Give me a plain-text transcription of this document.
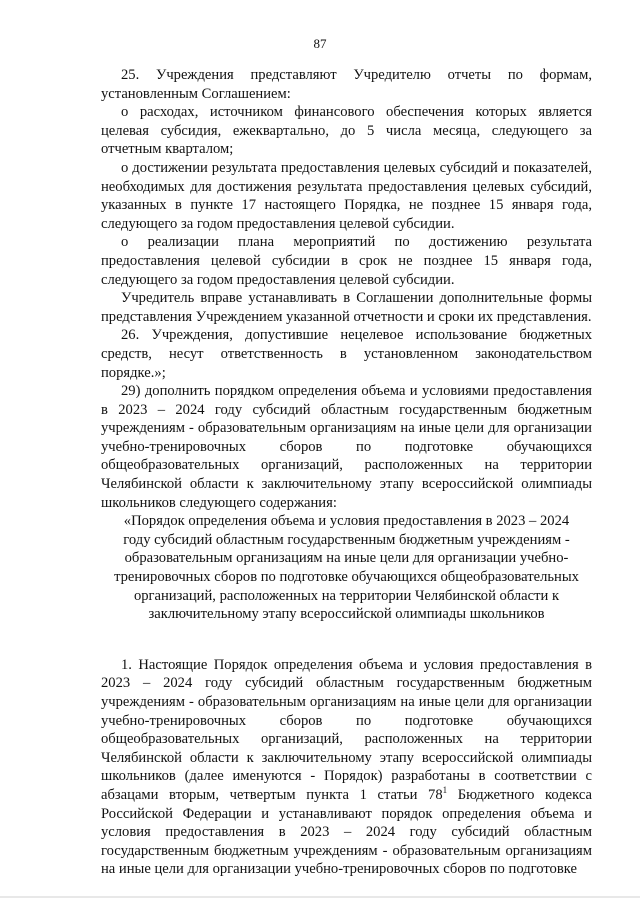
87

25. Учреждения представляют Учредителю отчеты по формам, установленным Соглашением:

о расходах, источником финансового обеспечения которых является целевая субсидия, ежеквартально, до 5 числа месяца, следующего за отчетным кварталом;

о достижении результата предоставления целевых субсидий и показателей, необходимых для достижения результата предоставления целевых субсидий, указанных в пункте 17 настоящего Порядка, не позднее 15 января года, следующего за годом предоставления целевой субсидии.

о реализации плана мероприятий по достижению результата предоставления целевой субсидии в срок не позднее 15 января года, следующего за годом предоставления целевой субсидии.

Учредитель вправе устанавливать в Соглашении дополнительные формы представления Учреждением указанной отчетности и сроки их представления.

26. Учреждения, допустившие нецелевое использование бюджетных средств, несут ответственность в установленном законодательством порядке.»;

29) дополнить порядком определения объема и условиями предоставления в 2023 – 2024 году субсидий областным государственным бюджетным учреждениям - образовательным организациям на иные цели для организации учебно-тренировочных сборов по подготовке обучающихся общеобразовательных организаций, расположенных на территории Челябинской области к заключительному этапу всероссийской олимпиады школьников следующего содержания:

«Порядок определения объема и условия предоставления в 2023 – 2024
году субсидий областным государственным бюджетным учреждениям -
образовательным организациям на иные цели для организации учебно-
тренировочных сборов по подготовке обучающихся общеобразовательных
организаций, расположенных на территории Челябинской области к
заключительному этапу всероссийской олимпиады школьников

1. Настоящие Порядок определения объема и условия предоставления в 2023 – 2024 году субсидий областным государственным бюджетным учреждениям - образовательным организациям на иные цели для организации учебно-тренировочных сборов по подготовке обучающихся общеобразовательных организаций, расположенных на территории Челябинской области к заключительному этапу всероссийской олимпиады школьников (далее именуются - Порядок) разработаны в соответствии с абзацами вторым, четвертым пункта 1 статьи $78^1$ Бюджетного кодекса Российской Федерации и устанавливают порядок определения объема и условия предоставления в 2023 – 2024 году субсидий областным государственным бюджетным учреждениям - образовательным организациям на иные цели для организации учебно-тренировочных сборов по подготовке
